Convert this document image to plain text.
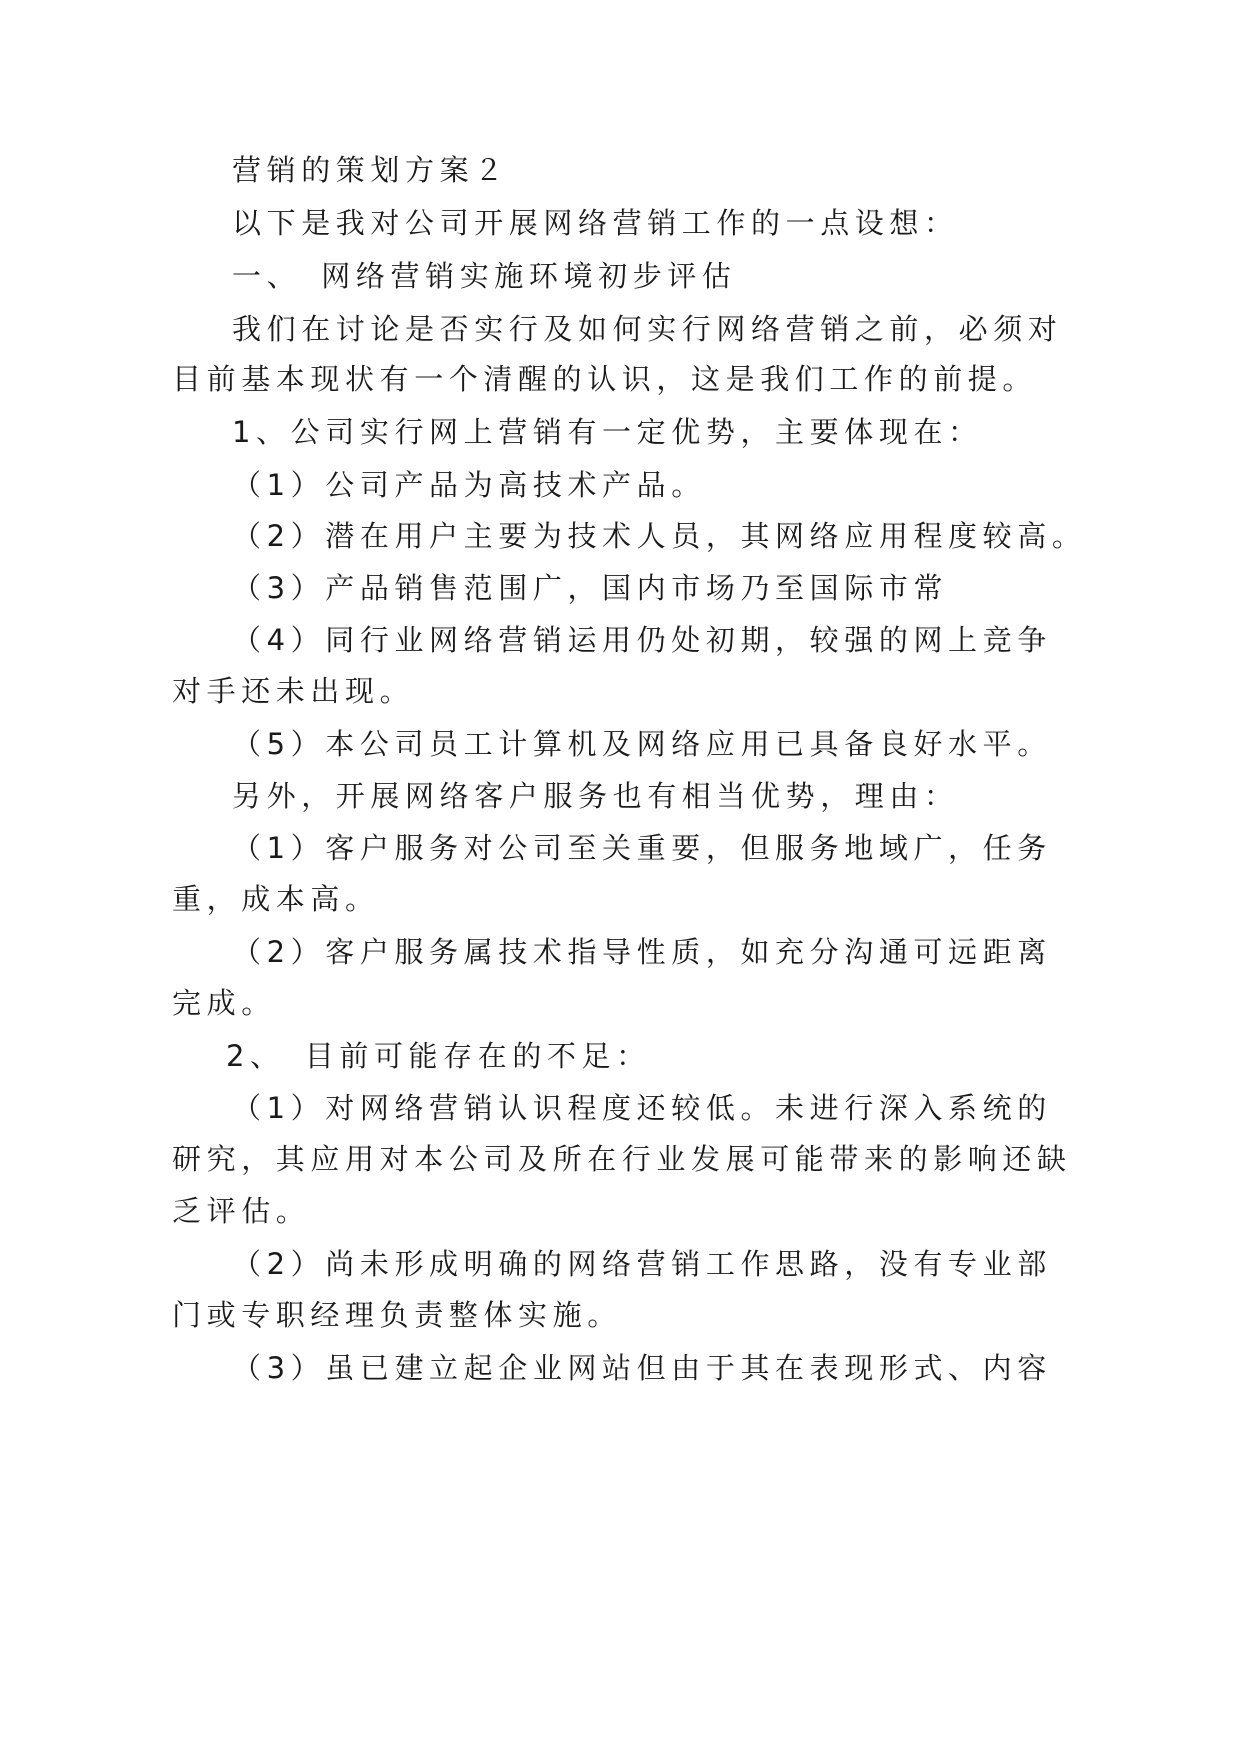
营销的策划方案２
以下是我对公司开展网络营销工作的一点设想：
一、　网络营销实施环境初步评估
我们在讨论是否实行及如何实行网络营销之前，必须对
目前基本现状有一个清醒的认识，这是我们工作的前提。
1、公司实行网上营销有一定优势，主要体现在：
（1）公司产品为高技术产品。
（2）潜在用户主要为技术人员，其网络应用程度较高。
（3）产品销售范围广，国内市场乃至国际市常
（4）同行业网络营销运用仍处初期，较强的网上竞争
对手还未出现。
（5）本公司员工计算机及网络应用已具备良好水平。
另外，开展网络客户服务也有相当优势，理由：
（1）客户服务对公司至关重要，但服务地域广，任务
重，成本高。
（2）客户服务属技术指导性质，如充分沟通可远距离
完成。
2、　目前可能存在的不足：
（1）对网络营销认识程度还较低。未进行深入系统的
研究，其应用对本公司及所在行业发展可能带来的影响还缺
乏评估。
（2）尚未形成明确的网络营销工作思路，没有专业部
门或专职经理负责整体实施。
（3）虽已建立起企业网站但由于其在表现形式、内容
